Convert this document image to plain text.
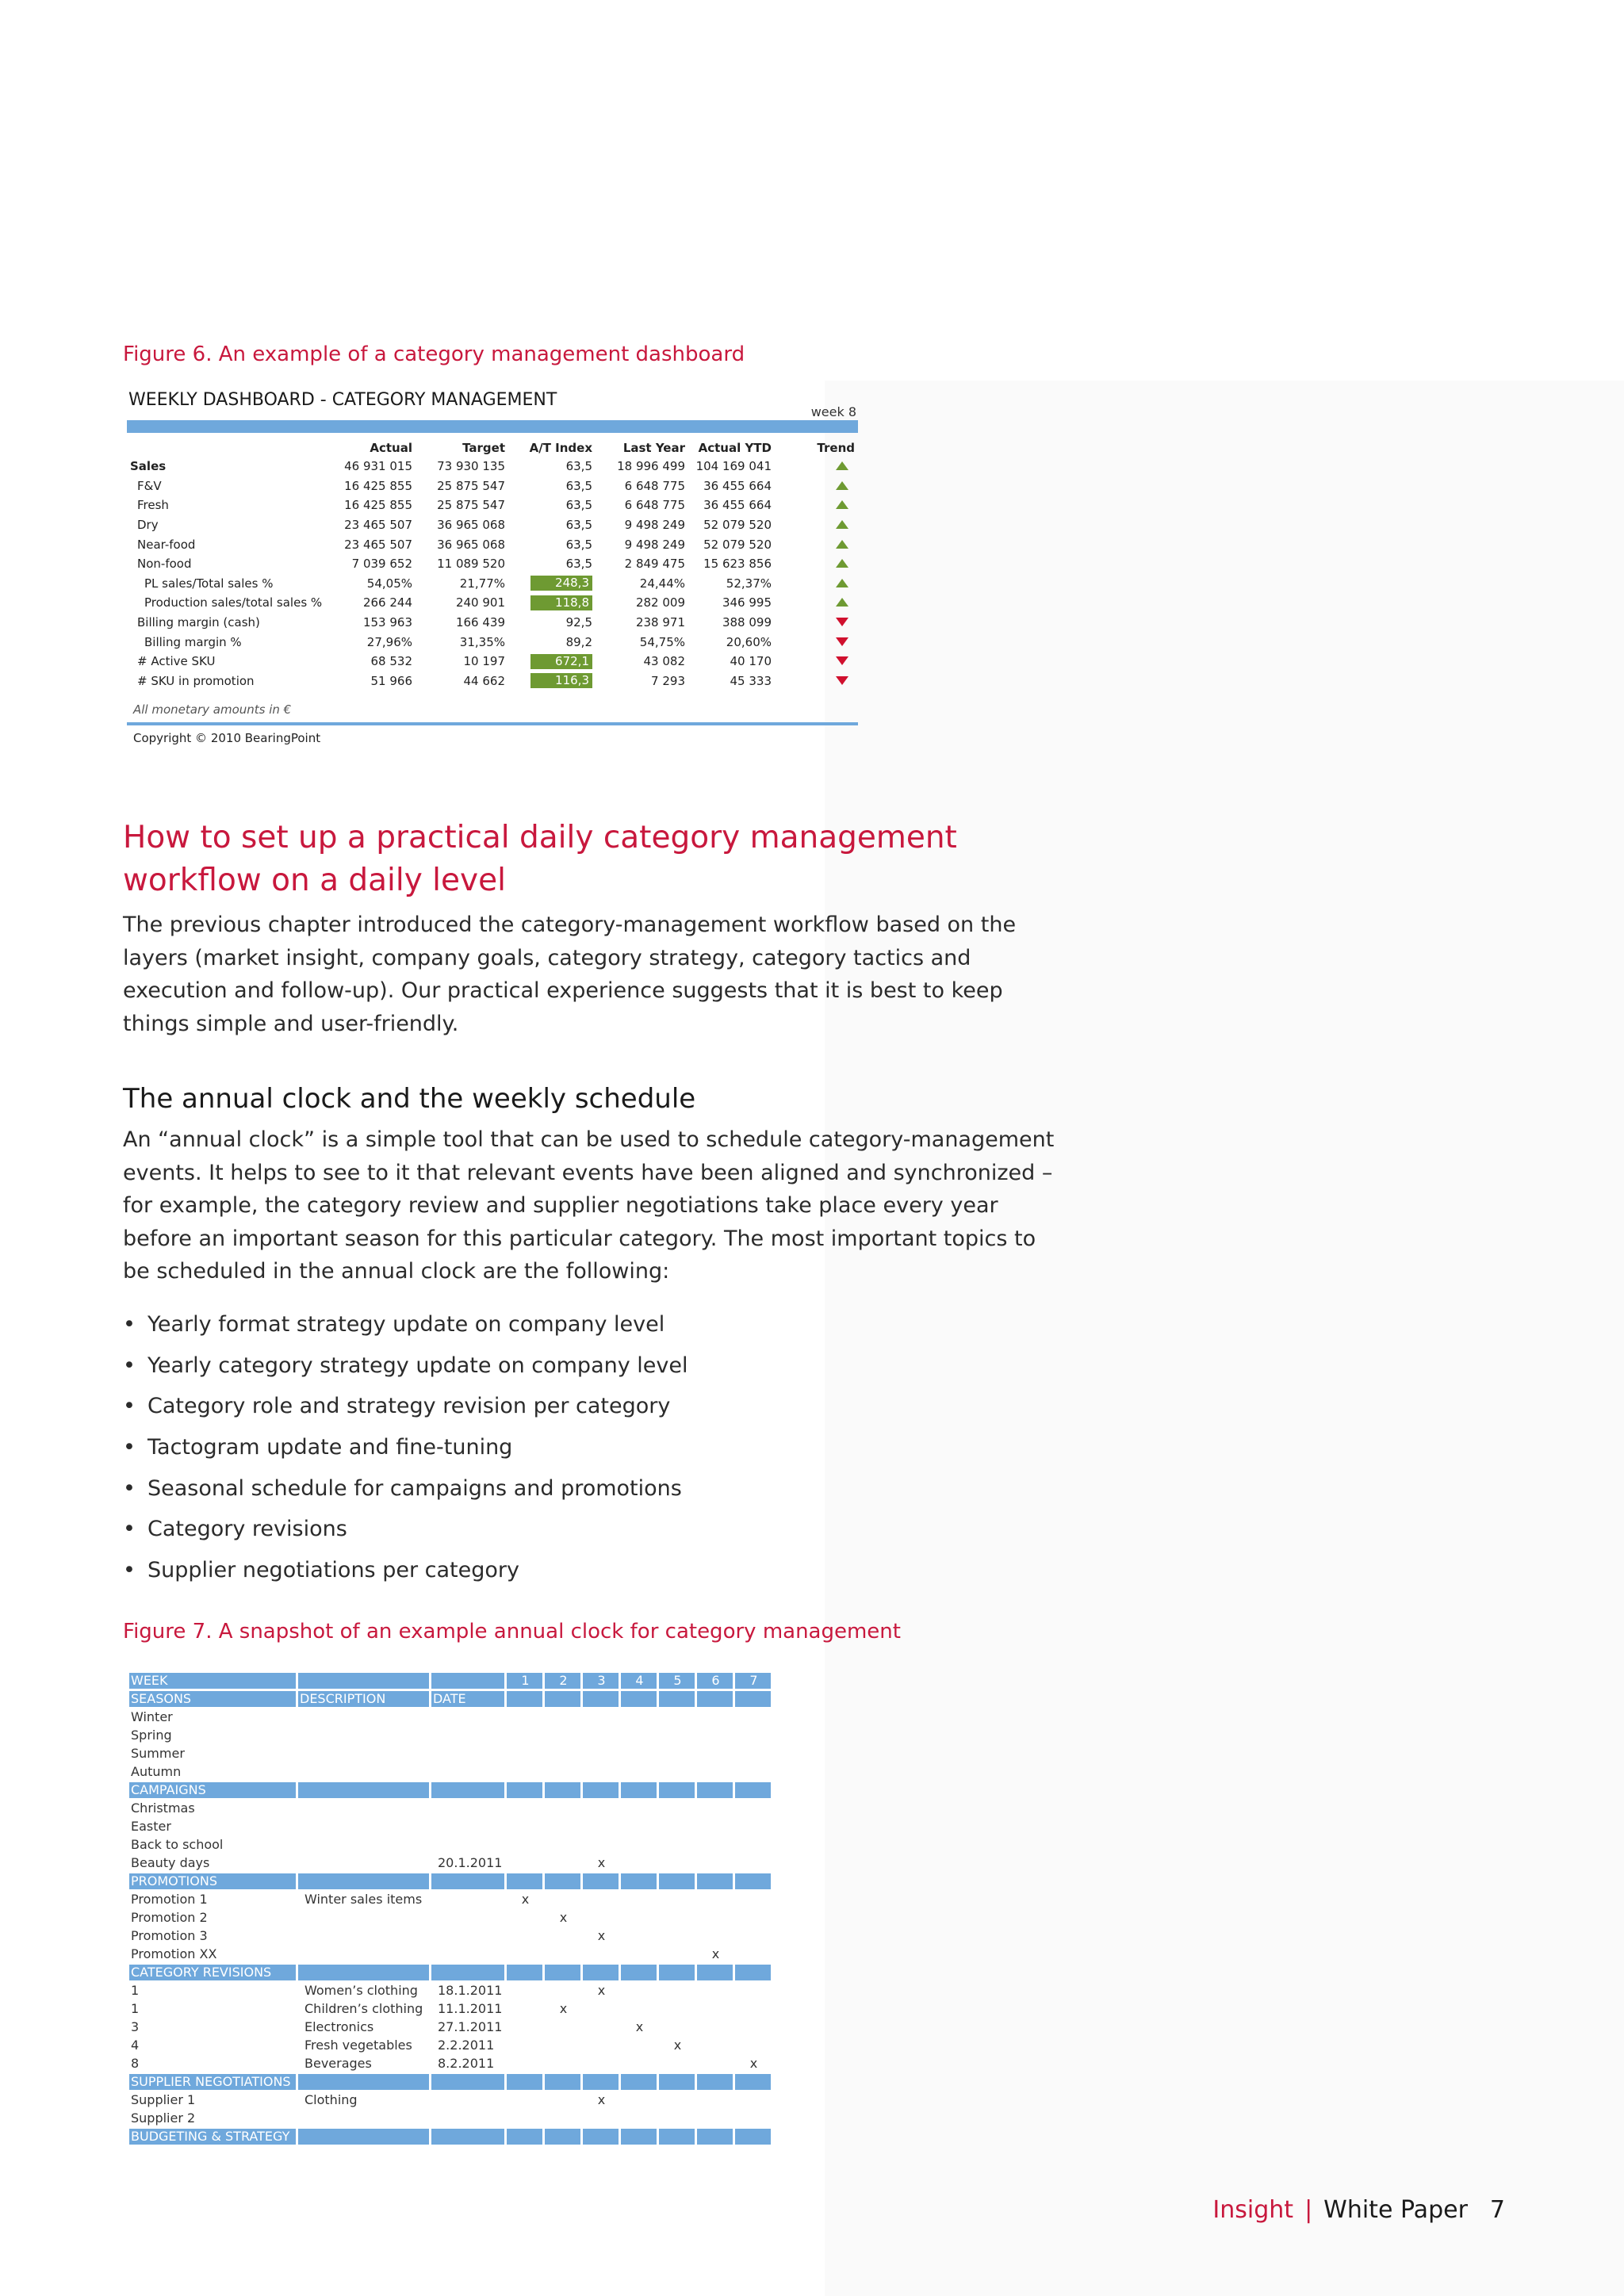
Figure 6. An example of a category management dashboard
WEEKLY DASHBOARD - CATEGORY MANAGEMENT
week 8
	Actual	Target	A/T Index	Last Year	Actual YTD	Trend
Sales	46 931 015	73 930 135	63,5	18 996 499	104 169 041	
F&V	16 425 855	25 875 547	63,5	6 648 775	36 455 664	
Fresh	16 425 855	25 875 547	63,5	6 648 775	36 455 664	
Dry	23 465 507	36 965 068	63,5	9 498 249	52 079 520	
Near-food	23 465 507	36 965 068	63,5	9 498 249	52 079 520	
Non-food	7 039 652	11 089 520	63,5	2 849 475	15 623 856	
PL sales/Total sales %	54,05%	21,77%	248,3	24,44%	52,37%	
Production sales/total sales %	266 244	240 901	118,8	282 009	346 995	
Billing margin (cash)	153 963	166 439	92,5	238 971	388 099	
Billing margin %	27,96%	31,35%	89,2	54,75%	20,60%	
# Active SKU	68 532	10 197	672,1	43 082	40 170	
# SKU in promotion	51 966	44 662	116,3	7 293	45 333	
All monetary amounts in €
Copyright © 2010 BearingPoint
How to set up a practical daily category management workflow on a daily level

The previous chapter introduced the category-management workflow based on the layers (market insight, company goals, category strategy, category tactics and execution and follow-up). Our practical experience suggests that it is best to keep things simple and user-friendly.

The annual clock and the weekly schedule

An “annual clock” is a simple tool that can be used to schedule category-management events. It helps to see to it that relevant events have been aligned and synchronized – for example, the category review and supplier negotiations take place every year before an important season for this particular category. The most important topics to be scheduled in the annual clock are the following:

• Yearly format strategy update on company level
• Yearly category strategy update on company level
• Category role and strategy revision per category
• Tactogram update and fine-tuning
• Seasonal schedule for campaigns and promotions
• Category revisions
• Supplier negotiations per category
Figure 7. A snapshot of an example annual clock for category management
WEEK			1	2	3	4	5	6	7
SEASONS	DESCRIPTION	DATE							
Winter									
Spring									
Summer									
Autumn									
CAMPAIGNS									
Christmas									
Easter									
Back to school									
Beauty days		20.1.2011			x				
PROMOTIONS									
Promotion 1	Winter sales items		x						
Promotion 2				x					
Promotion 3					x				
Promotion XX								x	
CATEGORY REVISIONS									
1	Women’s clothing	18.1.2011			x				
1	Children’s clothing	11.1.2011		x					
3	Electronics	27.1.2011				x			
4	Fresh vegetables	2.2.2011					x		
8	Beverages	8.2.2011							x
SUPPLIER NEGOTIATIONS									
Supplier 1	Clothing				x				
Supplier 2									
BUDGETING & STRATEGY									
Insight | White Paper 7
